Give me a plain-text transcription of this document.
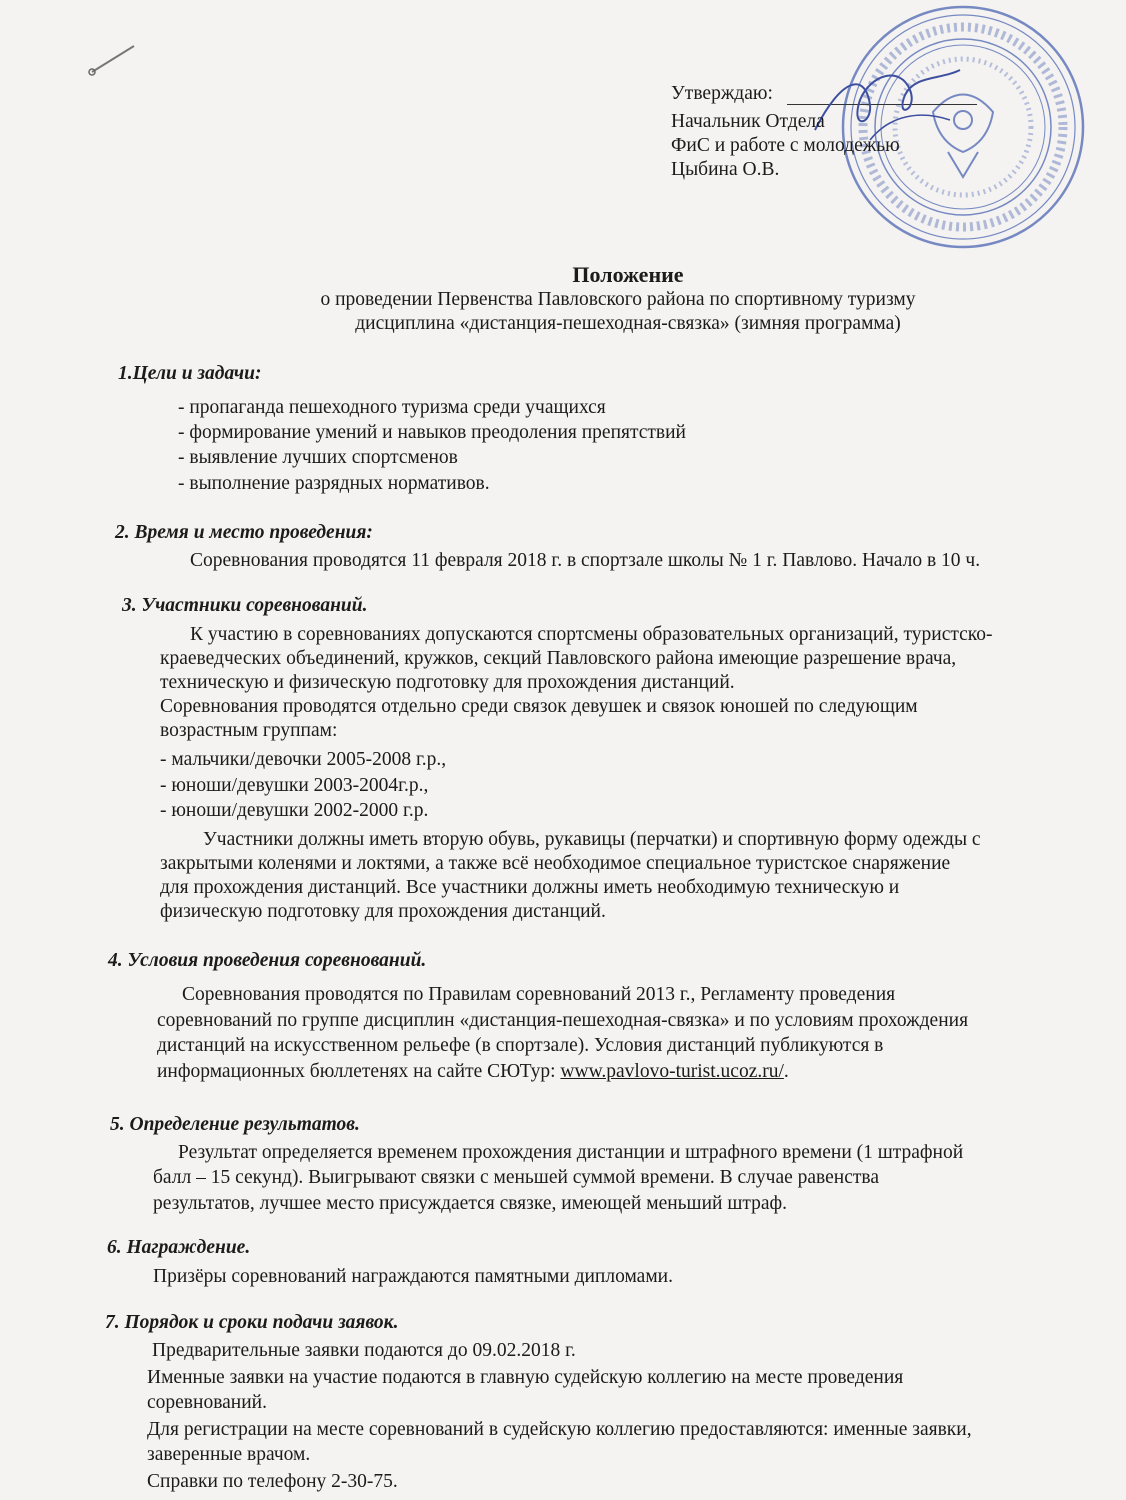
Утверждаю:
Начальник Отдела
ФиС и работе с молодежью
Цыбина О.В.
Положение
о проведении Первенства Павловского района по спортивному туризму
дисциплина «дистанция-пешеходная-связка» (зимняя программа)
1.Цели и задачи:
- пропаганда пешеходного туризма среди учащихся
- формирование умений и навыков преодоления препятствий
- выявление лучших спортсменов
- выполнение разрядных нормативов.
2. Время и место проведения:
Соревнования проводятся 11 февраля 2018 г. в спортзале школы № 1 г. Павлово. Начало в 10 ч.
3. Участники соревнований.
К участию в соревнованиях допускаются спортсмены образовательных организаций, туристско-
краеведческих объединений, кружков, секций Павловского района имеющие разрешение врача,
техническую и физическую подготовку для прохождения дистанций.
Соревнования проводятся отдельно среди связок девушек и связок юношей по следующим
возрастным группам:
- мальчики/девочки 2005-2008 г.р.,
- юноши/девушки 2003-2004г.р.,
- юноши/девушки 2002-2000 г.р.
Участники должны иметь вторую обувь, рукавицы (перчатки) и спортивную форму одежды с
закрытыми коленями и локтями, а также всё необходимое специальное туристское снаряжение
для прохождения дистанций. Все участники должны иметь необходимую техническую и
физическую подготовку для прохождения дистанций.
4. Условия проведения соревнований.
Соревнования проводятся по Правилам соревнований 2013 г., Регламенту проведения
соревнований по группе дисциплин «дистанция-пешеходная-связка» и по условиям прохождения
дистанций на искусственном рельефе (в спортзале). Условия дистанций публикуются в
информационных бюллетенях на сайте СЮТур: www.pavlovo-turist.ucoz.ru/.
5. Определение результатов.
Результат определяется временем прохождения дистанции и штрафного времени (1 штрафной
балл – 15 секунд). Выигрывают связки с меньшей суммой времени. В случае равенства
результатов, лучшее место присуждается связке, имеющей меньший штраф.
6. Награждение.
Призёры соревнований награждаются памятными дипломами.
7. Порядок и сроки подачи заявок.
Предварительные заявки подаются до 09.02.2018 г.
Именные заявки на участие подаются в главную судейскую коллегию на месте проведения
соревнований.
Для регистрации на месте соревнований в судейскую коллегию предоставляются: именные заявки,
заверенные врачом.
Справки по телефону 2-30-75.
